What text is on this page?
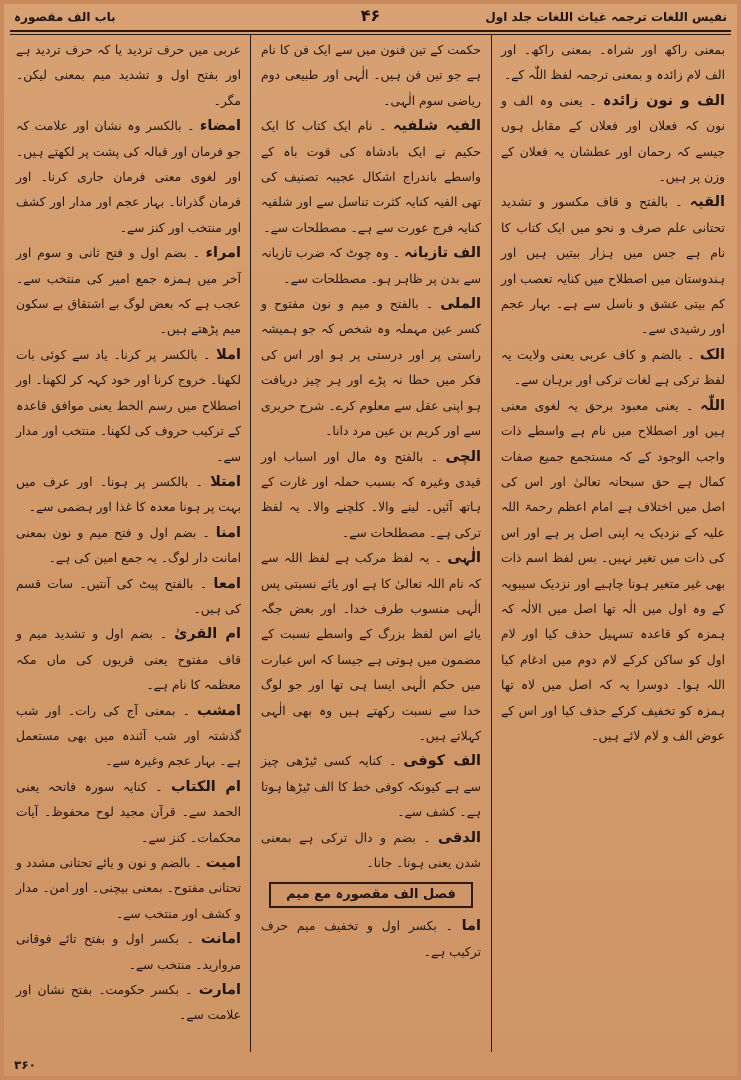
نفیس اللغات ترجمہ غیاث اللغات جلد اول
۴۶
باب الف مقصورہ

بمعنی راکھ اور شراہ۔ بمعنی راکھ۔ اور الف لام زائدہ و بمعنی ترجمہ لفظ اللّٰہ کے۔

الف و نون زائدہ ۔ یعنی وہ الف و نون کہ فعلان اور فعلان کے مقابل ہوں جیسے کہ رحمان اور عطشان یہ فعلان کے وزن پر ہیں۔

القیہ ۔ بالفتح و قاف مکسور و تشدید تحتانی علم صرف و نحو میں ایک کتاب کا نام ہے جس میں ہزار بیتیں ہیں اور ہندوستان میں اصطلاح میں کنایہ تعصب اور کم بیتی عشق و ناسل سے ہے۔ بہار عجم اور رشیدی سے۔

الک ۔ بالضم و کاف عربی یعنی ولایت یہ لفظ ترکی ہے لغات ترکی اور برہان سے۔

اللّٰہ ۔ یعنی معبود برحق یہ لغوی معنی ہیں اور اصطلاح میں نام ہے واسطے ذات واجب الوجود کے کہ مستجمع جمیع صفات کمال ہے حق سبحانہ تعالیٰ اور اس کی اصل میں اختلاف ہے امام اعظم رحمۃ اللہ علیہ کے نزدیک یہ اپنی اصل پر ہے اور اس کی ذات میں تغیر نہیں۔ بس لفظ اسم ذات بھی غیر متغیر ہونا چاہیے اور نزدیک سیبویہ کے وہ اول میں الٰہ تھا اصل میں الالٰہ کہ ہمزہ کو قاعدہ تسہیل حذف کیا اور لام اول کو ساکن کرکے لام دوم میں ادغام کیا اللہ ہوا۔ دوسرا یہ کہ اصل میں لاہ تھا ہمزہ کو تخفیف کرکے حذف کیا اور اس کے عوض الف و لام لائے ہیں۔

حکمت کے تین فنون میں سے ایک فن کا نام ہے جو تین فن ہیں۔ الٰہی اور طبیعی دوم ریاضی سوم الٰہی۔

الفیہ شلفیہ ۔ نام ایک کتاب کا ایک حکیم نے ایک بادشاہ کی قوت باہ کے واسطے باندراج اشکال عجیبہ تصنیف کی تھی الفیہ کنایہ کثرت تناسل سے اور شلفیہ کنایہ فرج عورت سے ہے۔ مصطلحات سے۔

الف تازیانہ ۔ وہ چوٹ کہ ضرب تازیانہ سے بدن پر ظاہر ہو۔ مصطلحات سے۔

الملی ۔ بالفتح و میم و نون مفتوح و کسر عین مہملہ وہ شخص کہ جو ہمیشہ راستی پر اور درستی پر ہو اور اس کی فکر میں خطا نہ پڑے اور ہر چیز دریافت ہو اپنی عقل سے معلوم کرے۔ شرح حریری سے اور کریم بن عین مرد دانا۔

الچی ۔ بالفتح وہ مال اور اسباب اور قیدی وغیرہ کہ بسبب حملہ اور غارت کے ہاتھ آئیں۔ لینے والا۔ کلچنے والا۔ یہ لفظ ترکی ہے۔ مصطلحات سے۔

الٰہی ۔ یہ لفظ مرکب ہے لفظ اللہ سے کہ نام اللہ تعالیٰ کا ہے اور یائے نسبتی پس الٰہی منسوب طرف خدا۔ اور بعض جگہ یائے اس لفظ بزرگ کے واسطے نسبت کے مضمون میں ہوتی ہے جیسا کہ اس عبارت میں حکم الٰہی ایسا ہی تھا اور جو لوگ خدا سے نسبت رکھتے ہیں وہ بھی الٰہی کہلاتے ہیں۔

الف کوفی ۔ کنایہ کسی ٹیڑھی چیز سے ہے کیونکہ کوفی خط کا الف ٹیڑھا ہوتا ہے۔ کشف سے۔

الدقی ۔ بضم و دال ترکی ہے بمعنی شدن یعنی ہونا۔ جانا۔

فصل الف مقصورہ مع میم

اما ۔ بکسر اول و تخفیف میم حرف ترکیب ہے۔

عربی میں حرف تردید یا کہ حرف تردید ہے اور بفتح اول و تشدید میم بمعنی لیکن۔ مگر۔

امضاء ۔ بالکسر وہ نشان اور علامت کہ جو فرمان اور قبالہ کی پشت پر لکھتے ہیں۔ اور لغوی معنی فرمان جاری کرنا۔ اور فرمان گذرانا۔ بہار عجم اور مدار اور کشف اور منتخب اور کنز سے۔

امراء ۔ بضم اول و فتح ثانی و سوم اور آخر میں ہمزہ جمع امیر کی منتخب سے۔ عجب ہے کہ بعض لوگ بے اشتقاق بے سکون میم پڑھتے ہیں۔

املا ۔ بالکسر پر کرنا۔ یاد سے کوئی بات لکھنا۔ خروج کرنا اور خود کہہ کر لکھنا۔ اور اصطلاح میں رسم الخط یعنی موافق قاعدہ کے ترکیب حروف کی لکھنا۔ منتخب اور مدار سے۔

امتلا ۔ بالکسر پر ہونا۔ اور عرف میں بہت پر ہونا معدہ کا غذا اور ہضمی سے۔

امنا ۔ بضم اول و فتح میم و نون بمعنی امانت دار لوگ۔ یہ جمع امین کی ہے۔

امعا ۔ بالفتح پیٹ کی آنتیں۔ سات قسم کی ہیں۔

ام القریٰ ۔ بضم اول و تشدید میم و قاف مفتوح یعنی قریوں کی ماں مکہ معظمہ کا نام ہے۔

امشب ۔ بمعنی آج کی رات۔ اور شب گذشتہ اور شب آئندہ میں بھی مستعمل ہے۔ بہار عجم وغیرہ سے۔

ام الکتاب ۔ کنایہ سورہ فاتحہ یعنی الحمد سے۔ قرآن مجید لوح محفوظ۔ آیات محکمات۔ کنز سے۔

امیت ۔ بالضم و نون و یائے تحتانی مشدد و تحتانی مفتوح۔ بمعنی بیچنی۔ اور امن۔ مدار و کشف اور منتخب سے۔

امانت ۔ بکسر اول و بفتح تائے فوقانی مروارید۔ منتخب سے۔

امارت ۔ بکسر حکومت۔ بفتح نشان اور علامت سے۔

۳۶۰
